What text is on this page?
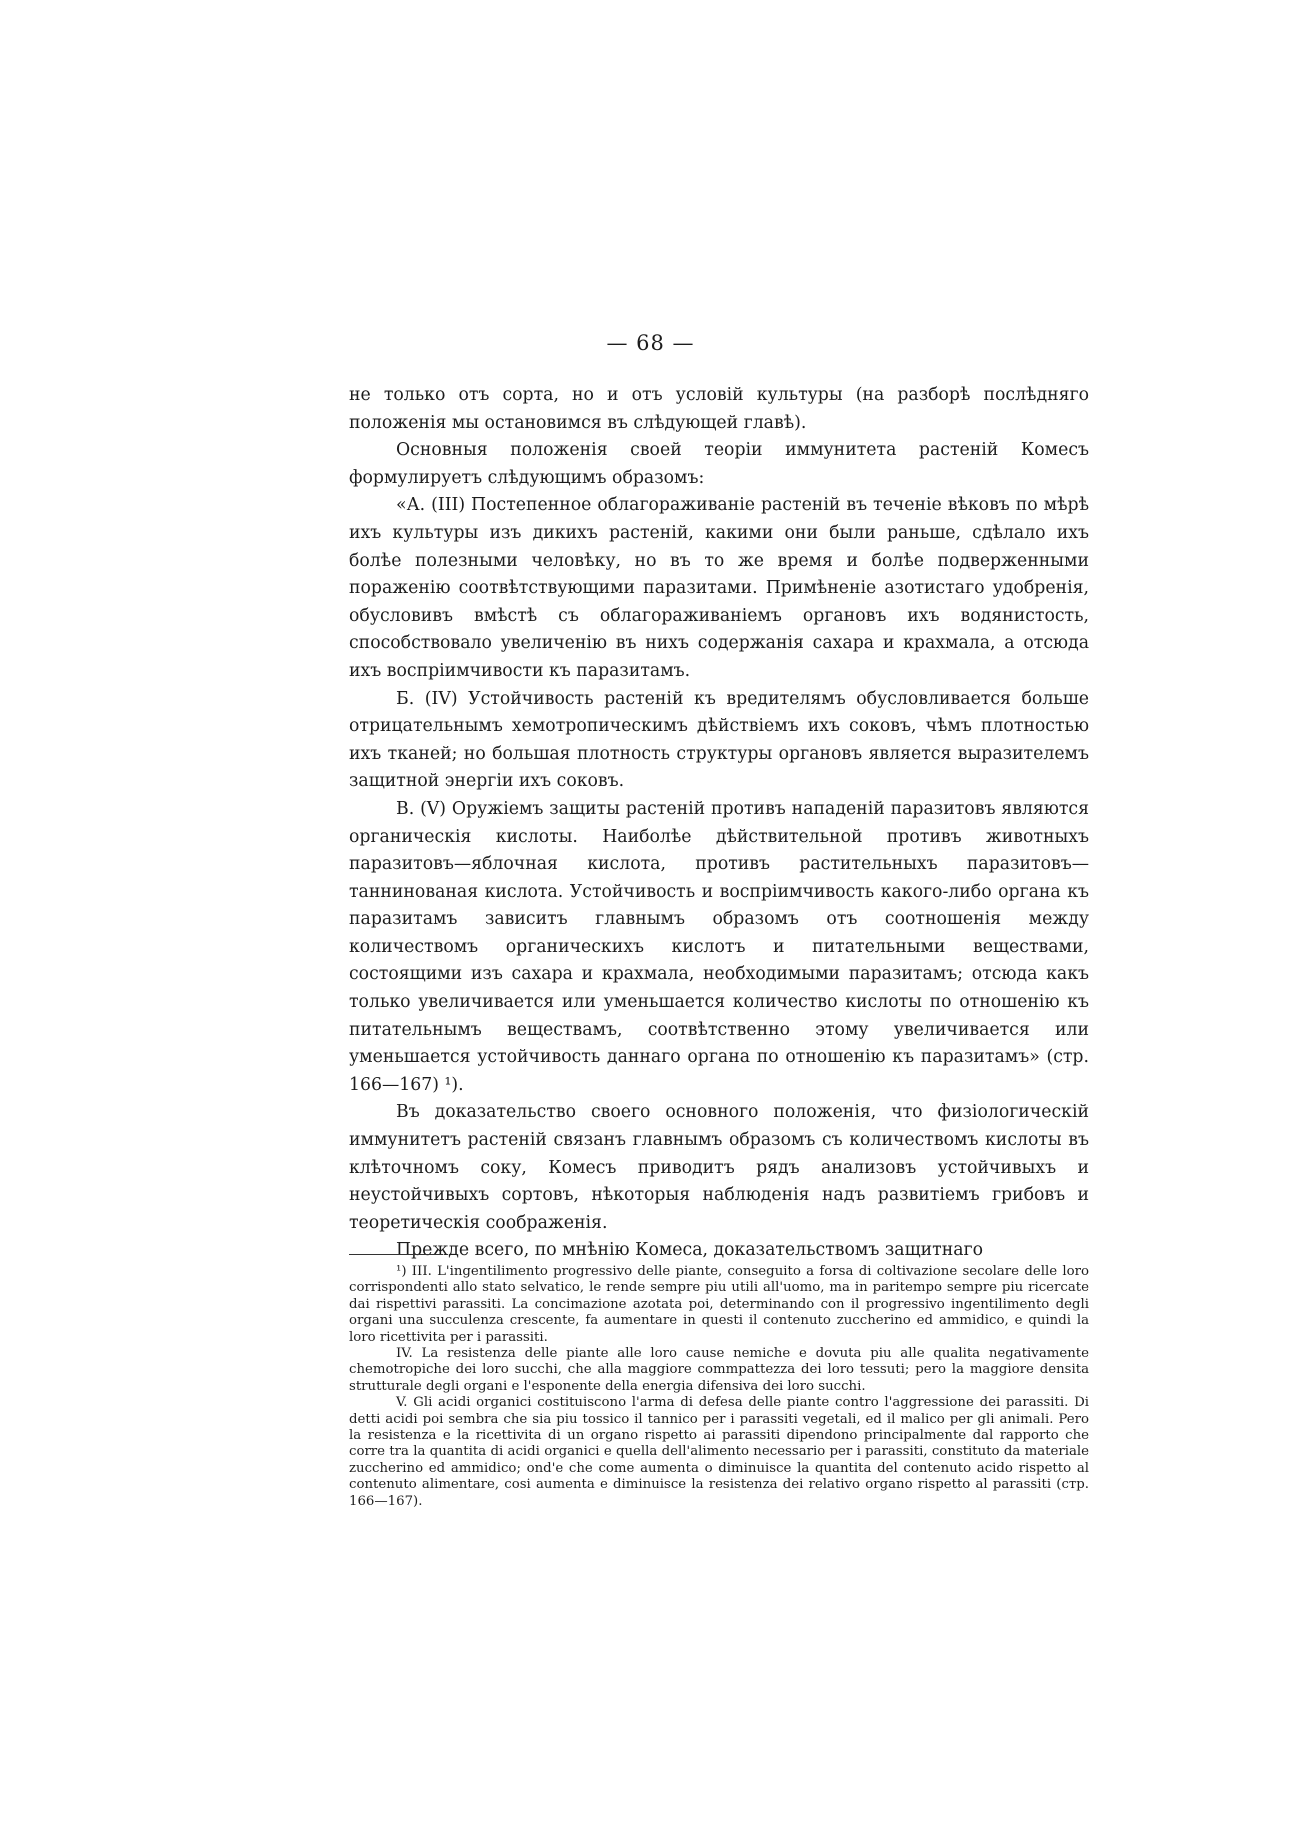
— 68 —

не только отъ сорта, но и отъ условій культуры (на разборѣ послѣдняго положенія мы остановимся въ слѣдующей главѣ).

Основныя положенія своей теоріи иммунитета растеній Комесъ формулируетъ слѣдующимъ образомъ:

«А. (III) Постепенное облагораживаніе растеній въ теченіе вѣковъ по мѣрѣ ихъ культуры изъ дикихъ растеній, какими они были раньше, сдѣлало ихъ болѣе полезными человѣку, но въ то же время и болѣе подверженными пораженію соотвѣтствующими паразитами. Примѣненіе азотистаго удобренія, обусловивъ вмѣстѣ съ облагораживаніемъ органовъ ихъ водянистость, способствовало увеличенію въ нихъ содержанія сахара и крахмала, а отсюда ихъ воспріимчивости къ паразитамъ.

Б. (IV) Устойчивость растеній къ вредителямъ обусловливается больше отрицательнымъ хемотропическимъ дѣйствіемъ ихъ соковъ, чѣмъ плотностью ихъ тканей; но большая плотность структуры органовъ является выразителемъ защитной энергіи ихъ соковъ.

В. (V) Оружіемъ защиты растеній противъ нападеній паразитовъ являются органическія кислоты. Наиболѣе дѣйствительной противъ животныхъ паразитовъ—яблочная кислота, противъ растительныхъ паразитовъ—таннинованая кислота. Устойчивость и воспріимчивость какого-либо органа къ паразитамъ зависитъ главнымъ образомъ отъ соотношенія между количествомъ органическихъ кислотъ и питательными веществами, состоящими изъ сахара и крахмала, необходимыми паразитамъ; отсюда какъ только увеличивается или уменьшается количество кислоты по отношенію къ питательнымъ веществамъ, соотвѣтственно этому увеличивается или уменьшается устойчивость даннаго органа по отношенію къ паразитамъ» (стр. 166—167) ¹).

Въ доказательство своего основного положенія, что физіологическій иммунитетъ растеній связанъ главнымъ образомъ съ количествомъ кислоты въ клѣточномъ соку, Комесъ приводитъ рядъ анализовъ устойчивыхъ и неустойчивыхъ сортовъ, нѣкоторыя наблюденія надъ развитіемъ грибовъ и теоретическія соображенія.

Прежде всего, по мнѣнію Комеса, доказательствомъ защитнаго

¹) III. L'ingentilimento progressivo delle piante, conseguito a forsa di coltivazione secolare delle loro corrispondenti allo stato selvatico, le rende sempre piu utili all'uomo, ma in paritempo sempre piu ricercate dai rispettivi parassiti. La concimazione azotata poi, determinando con il progressivo ingentilimento degli organi una succulenza crescente, fa aumentare in questi il contenuto zuccherino ed ammidico, e quindi la loro ricettivita per i parassiti.

IV. La resistenza delle piante alle loro cause nemiche e dovuta piu alle qualita negativamente chemotropiche dei loro succhi, che alla maggiore commpattezza dei loro tessuti; pero la maggiore densita strutturale degli organi e l'esponente della energia difensiva dei loro succhi.

V. Gli acidi organici costituiscono l'arma di defesa delle piante contro l'aggressione dei parassiti. Di detti acidi poi sembra che sia piu tossico il tannico per i parassiti vegetali, ed il malico per gli animali. Pero la resistenza e la ricettivita di un organo rispetto ai parassiti dipendono principalmente dal rapporto che corre tra la quantita di acidi organici e quella dell'alimento necessario per i parassiti, constituto da materiale zuccherino ed ammidico; ond'e che come aumenta o diminuisce la quantita del contenuto acido rispetto al contenuto alimentare, cosi aumenta e diminuisce la resistenza dei relativo organo rispetto al parassiti (стр. 166—167).
